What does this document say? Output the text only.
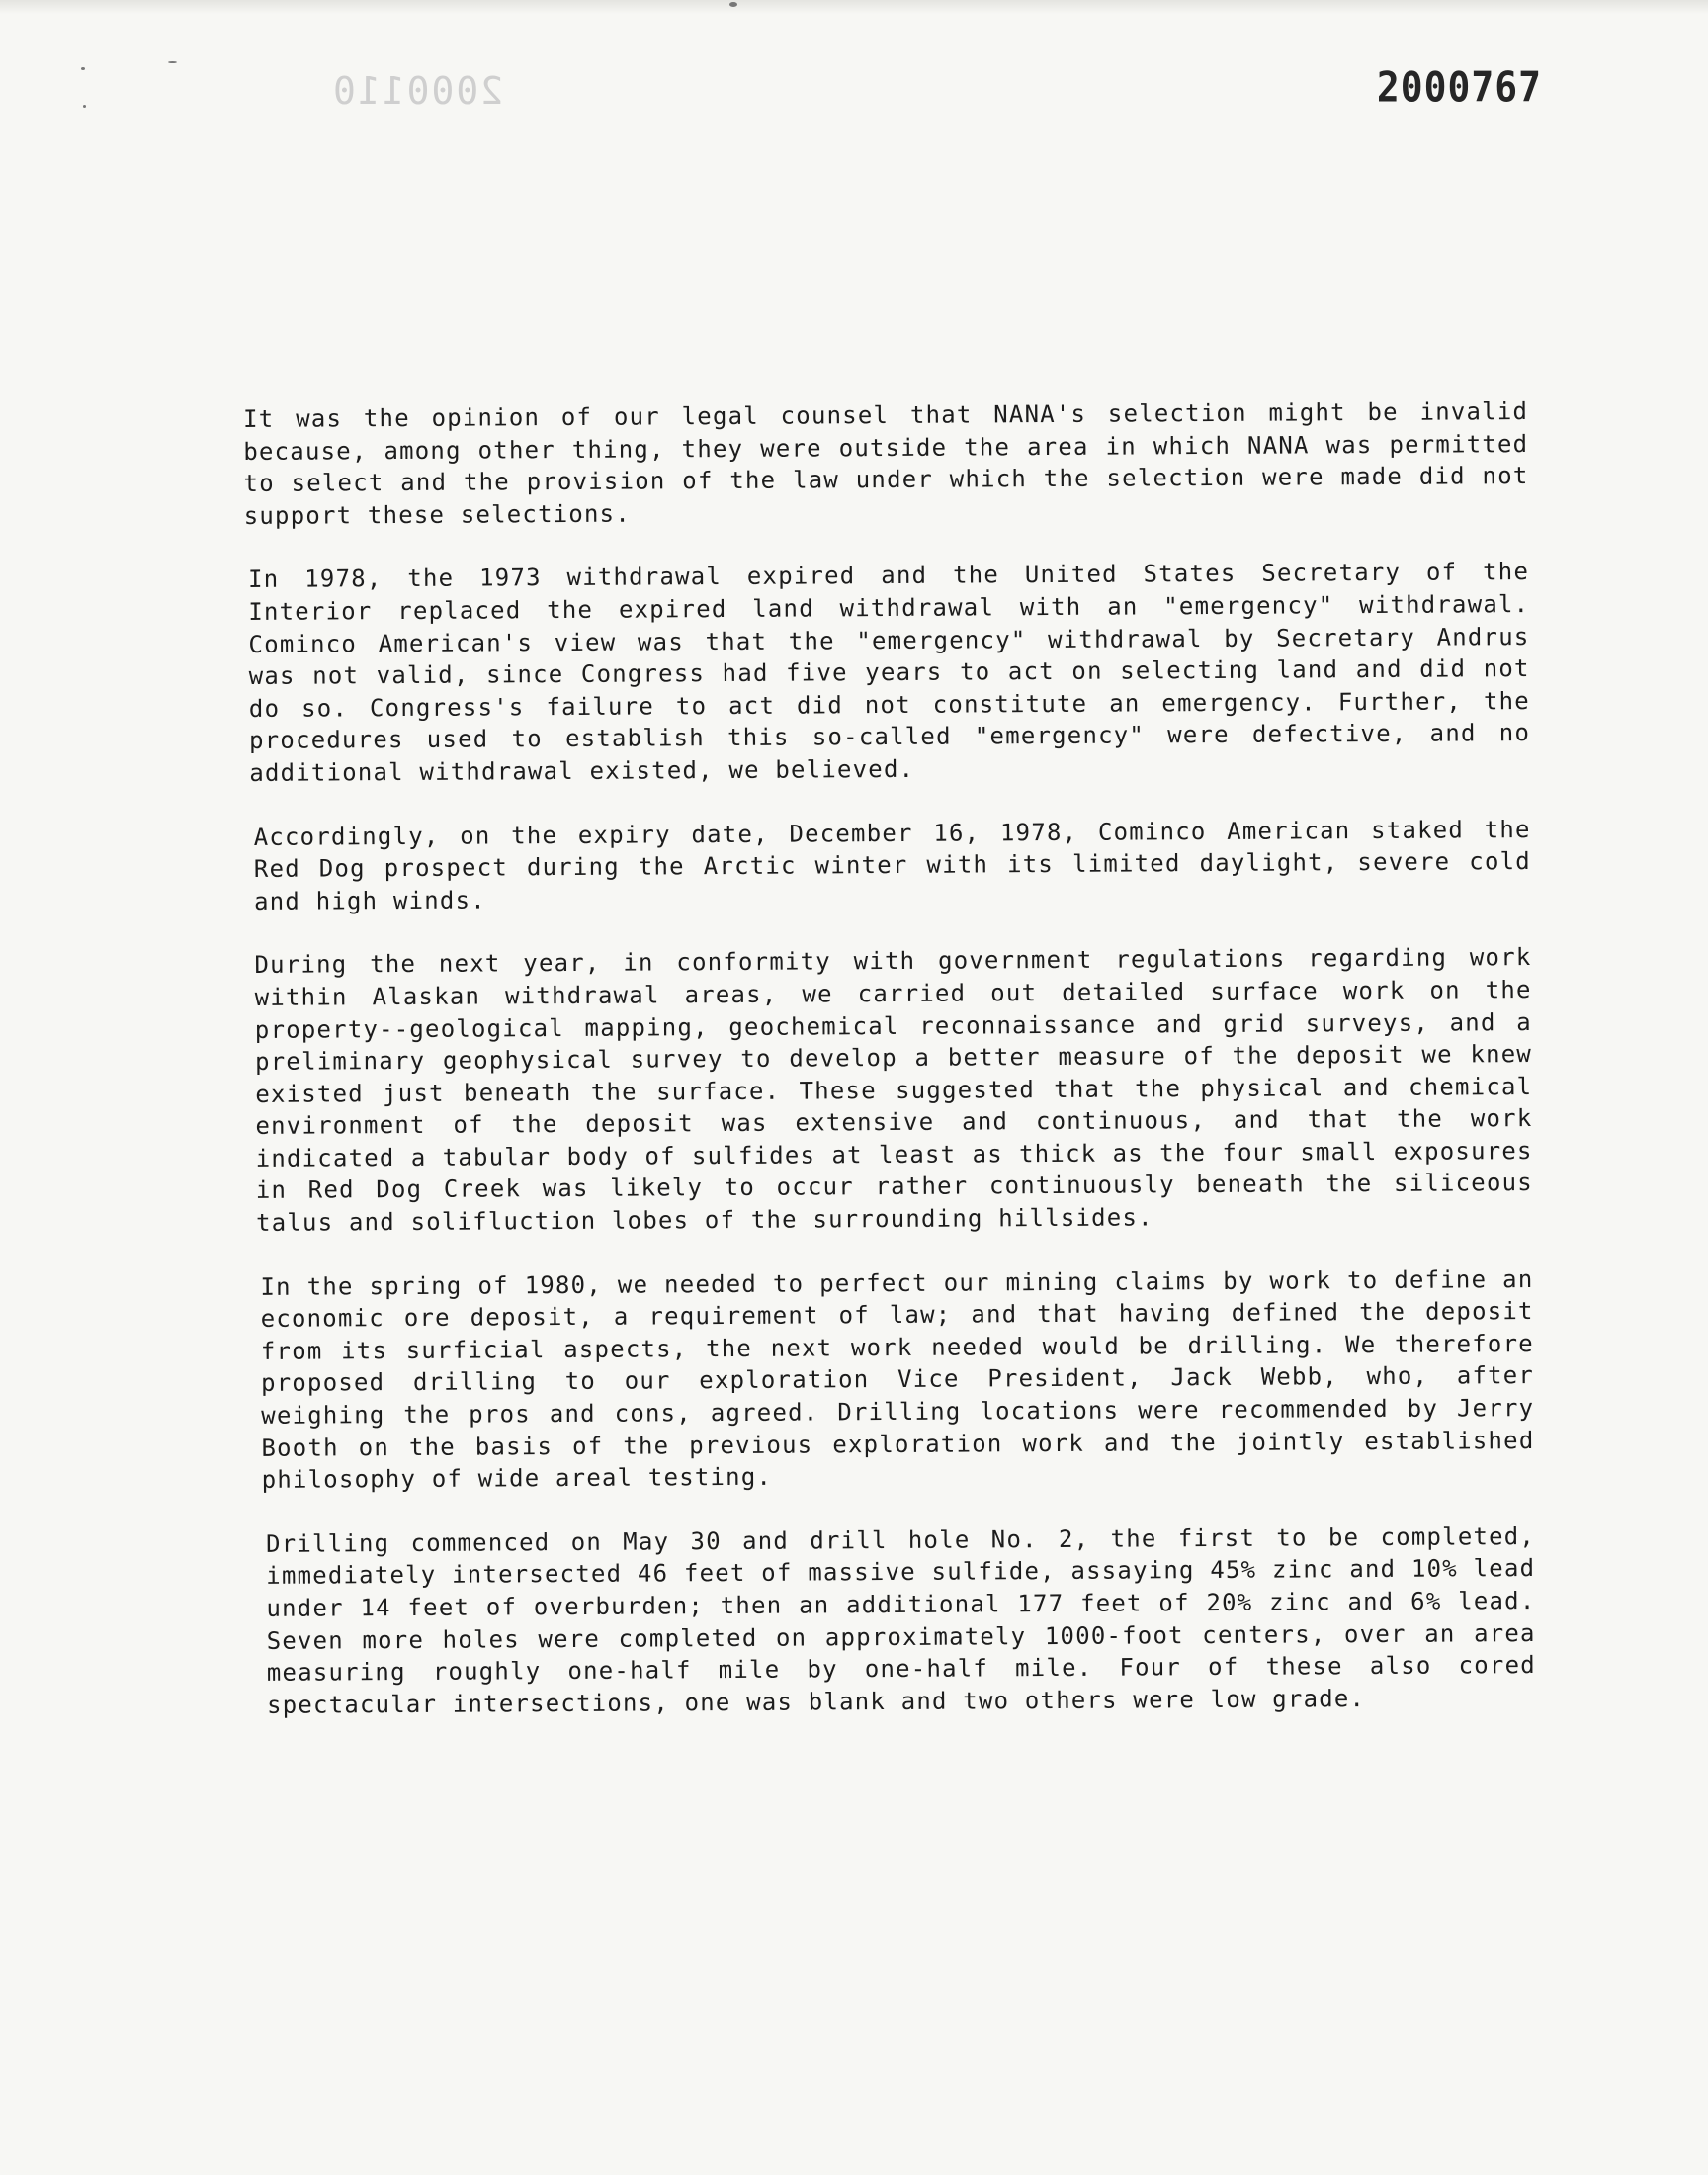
2000110	2000767

It was the opinion of our legal counsel that NANA's selection might be invalid because, among other thing, they were outside the area in which NANA was permitted to select and the provision of the law under which the selection were made did not support these selections.

In 1978, the 1973 withdrawal expired and the United States Secretary of the Interior replaced the expired land withdrawal with an "emergency" withdrawal. Cominco American's view was that the "emergency" withdrawal by Secretary Andrus was not valid, since Congress had five years to act on selecting land and did not do so. Congress's failure to act did not constitute an emergency. Further, the procedures used to establish this so-called "emergency" were defective, and no additional withdrawal existed, we believed.

Accordingly, on the expiry date, December 16, 1978, Cominco American staked the Red Dog prospect during the Arctic winter with its limited daylight, severe cold and high winds.

During the next year, in conformity with government regulations regarding work within Alaskan withdrawal areas, we carried out detailed surface work on the property--geological mapping, geochemical reconnaissance and grid surveys, and a preliminary geophysical survey to develop a better measure of the deposit we knew existed just beneath the surface. These suggested that the physical and chemical environment of the deposit was extensive and continuous, and that the work indicated a tabular body of sulfides at least as thick as the four small exposures in Red Dog Creek was likely to occur rather continuously beneath the siliceous talus and solifluction lobes of the surrounding hillsides.

In the spring of 1980, we needed to perfect our mining claims by work to define an economic ore deposit, a requirement of law; and that having defined the deposit from its surficial aspects, the next work needed would be drilling. We therefore proposed drilling to our exploration Vice President, Jack Webb, who, after weighing the pros and cons, agreed. Drilling locations were recommended by Jerry Booth on the basis of the previous exploration work and the jointly established philosophy of wide areal testing.

Drilling commenced on May 30 and drill hole No. 2, the first to be completed, immediately intersected 46 feet of massive sulfide, assaying 45% zinc and 10% lead under 14 feet of overburden; then an additional 177 feet of 20% zinc and 6% lead. Seven more holes were completed on approximately 1000-foot centers, over an area measuring roughly one-half mile by one-half mile. Four of these also cored spectacular intersections, one was blank and two others were low grade.
